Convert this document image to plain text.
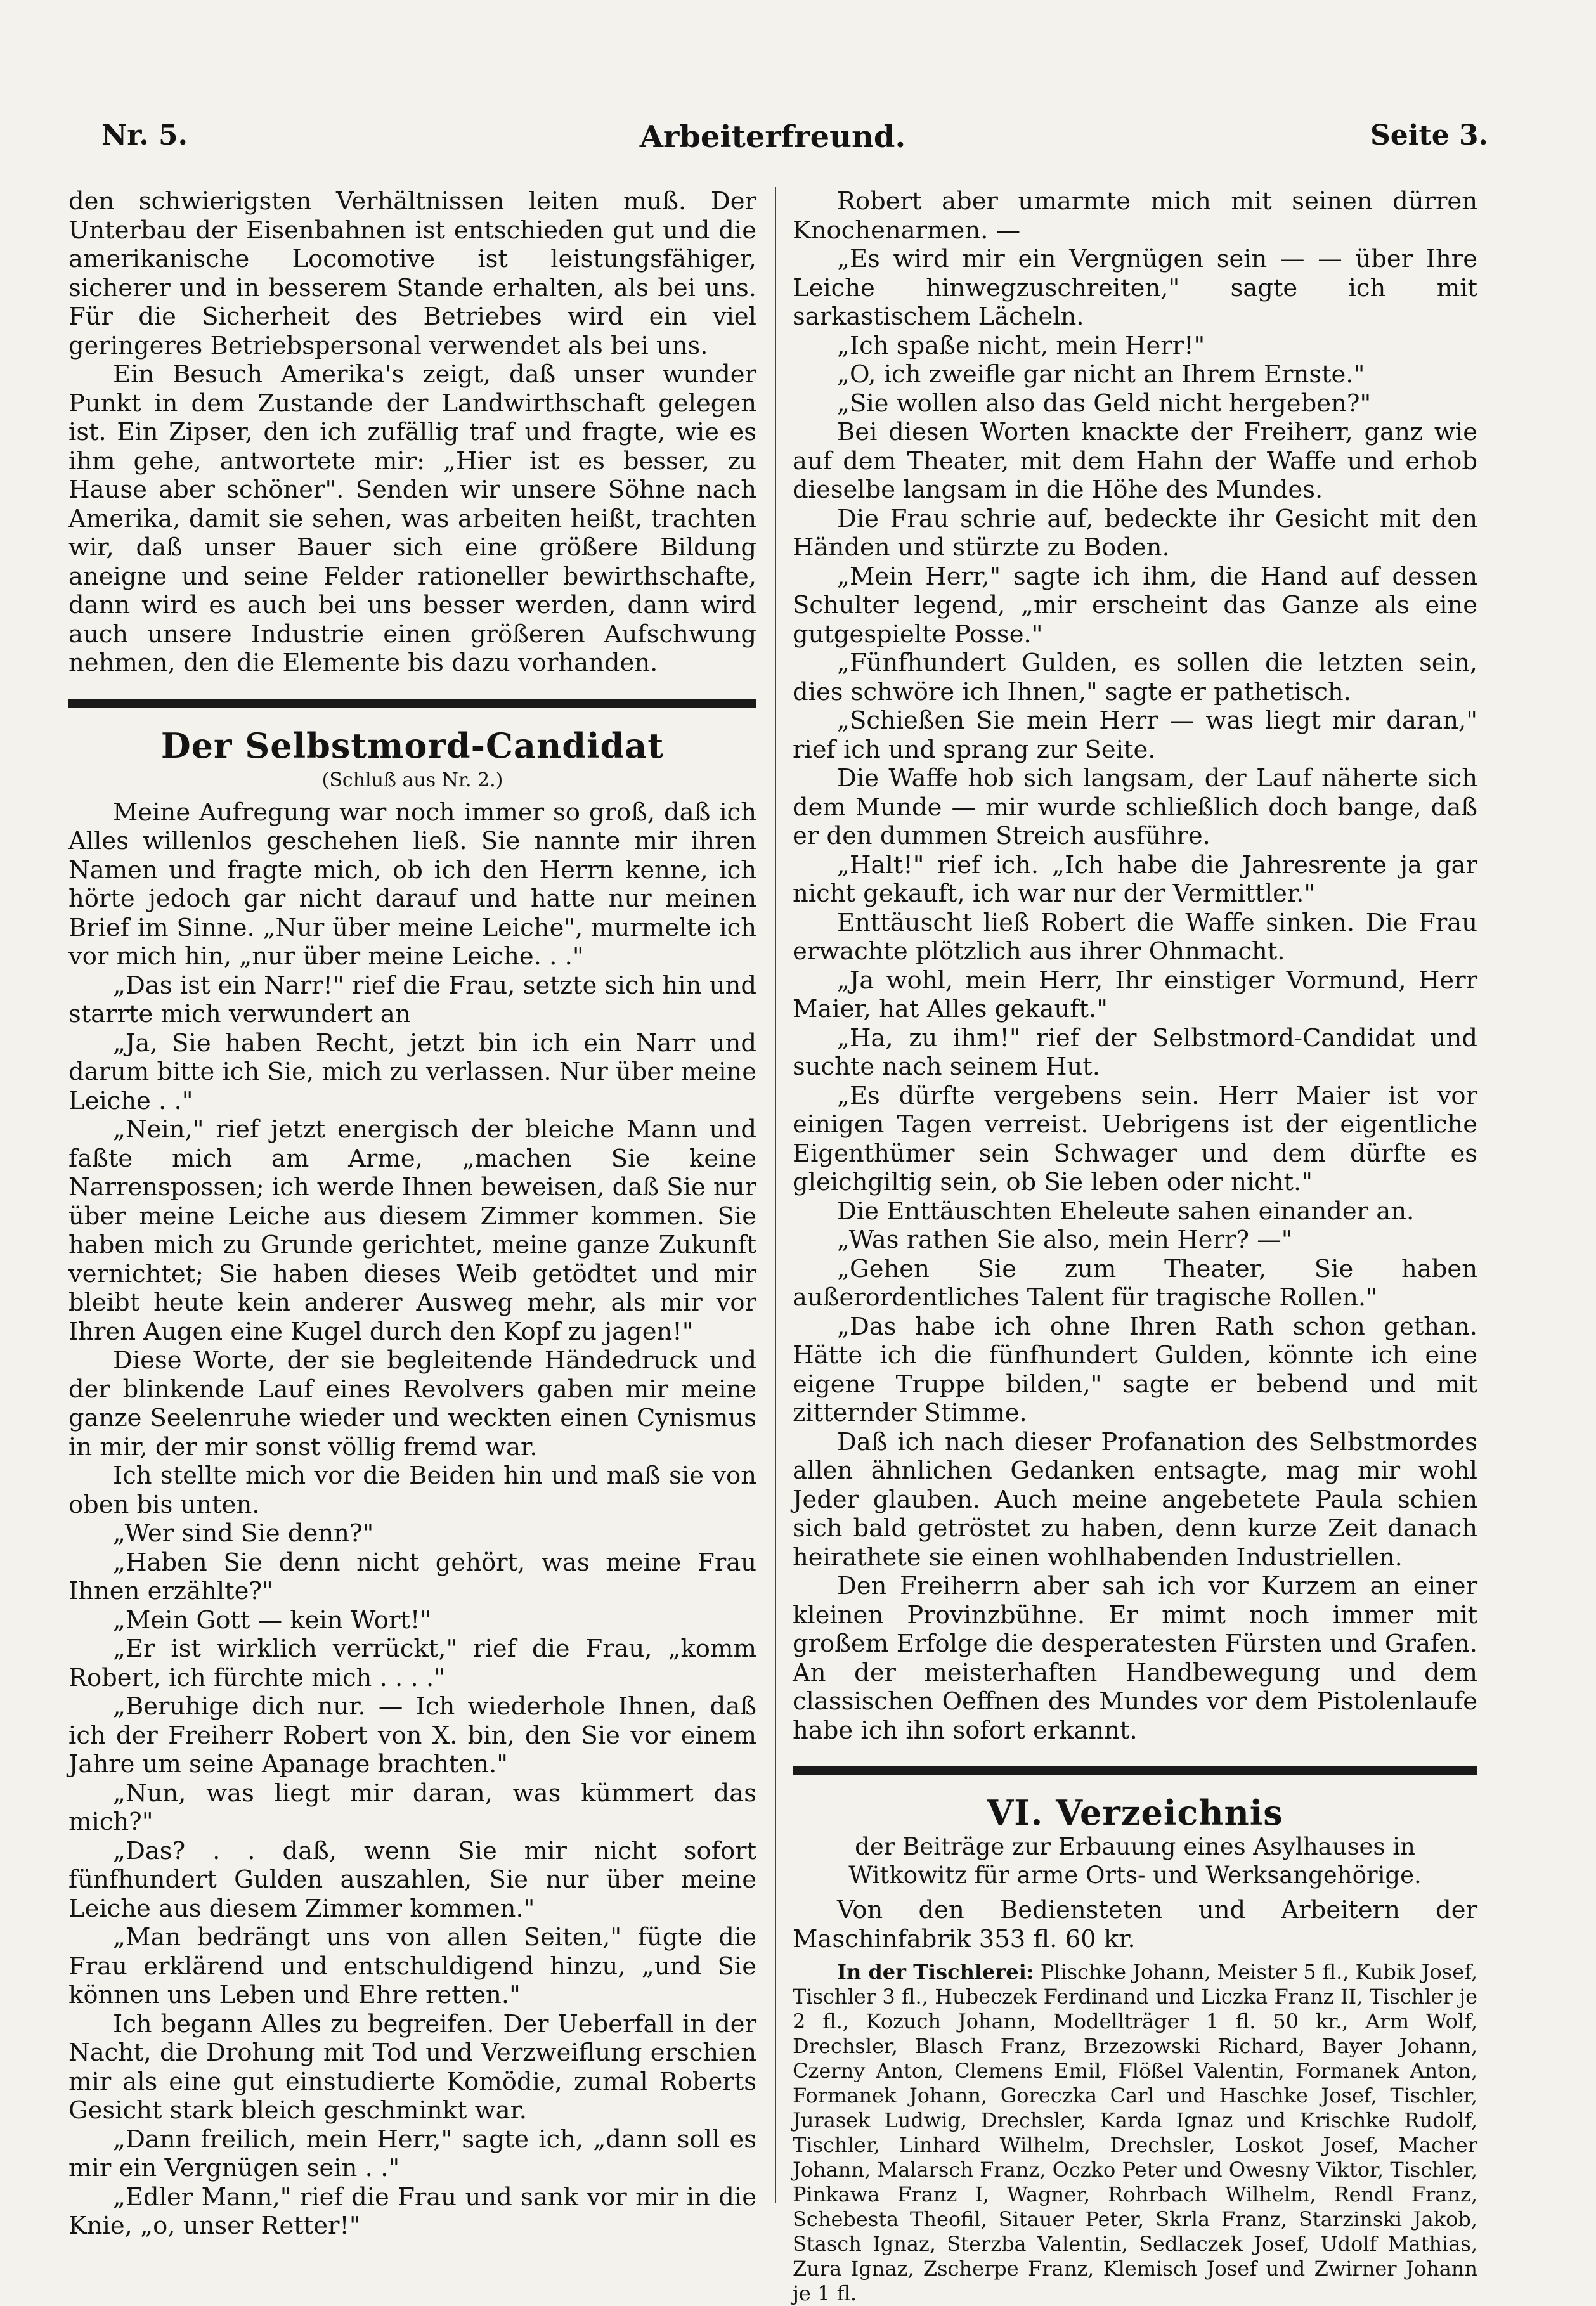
Nr. 5.	Arbeiterfreund.	Seite 3.

den schwierigsten Verhältnissen leiten muß. Der Unterbau der Eisenbahnen ist entschieden gut und die amerikanische Locomotive ist leistungsfähiger, sicherer und in besserem Stande erhalten, als bei uns. Für die Sicherheit des Betriebes wird ein viel geringeres Betriebspersonal verwendet als bei uns.

Ein Besuch Amerika's zeigt, daß unser wunder Punkt in dem Zustande der Landwirthschaft gelegen ist. Ein Zipser, den ich zufällig traf und fragte, wie es ihm gehe, antwortete mir: „Hier ist es besser, zu Hause aber schöner". Senden wir unsere Söhne nach Amerika, damit sie sehen, was arbeiten heißt, trachten wir, daß unser Bauer sich eine größere Bildung aneigne und seine Felder rationeller bewirthschafte, dann wird es auch bei uns besser werden, dann wird auch unsere Industrie einen größeren Aufschwung nehmen, den die Elemente bis dazu vorhanden.

Der Selbstmord-Candidat

(Schluß aus Nr. 2.)

Meine Aufregung war noch immer so groß, daß ich Alles willenlos geschehen ließ. Sie nannte mir ihren Namen und fragte mich, ob ich den Herrn kenne, ich hörte jedoch gar nicht darauf und hatte nur meinen Brief im Sinne. „Nur über meine Leiche", murmelte ich vor mich hin, „nur über meine Leiche. . ."

„Das ist ein Narr!" rief die Frau, setzte sich hin und starrte mich verwundert an

„Ja, Sie haben Recht, jetzt bin ich ein Narr und darum bitte ich Sie, mich zu verlassen. Nur über meine Leiche . ."

„Nein," rief jetzt energisch der bleiche Mann und faßte mich am Arme, „machen Sie keine Narrenspossen; ich werde Ihnen beweisen, daß Sie nur über meine Leiche aus diesem Zimmer kommen. Sie haben mich zu Grunde gerichtet, meine ganze Zukunft vernichtet; Sie haben dieses Weib getödtet und mir bleibt heute kein anderer Ausweg mehr, als mir vor Ihren Augen eine Kugel durch den Kopf zu jagen!"

Diese Worte, der sie begleitende Händedruck und der blinkende Lauf eines Revolvers gaben mir meine ganze Seelenruhe wieder und weckten einen Cynismus in mir, der mir sonst völlig fremd war.

Ich stellte mich vor die Beiden hin und maß sie von oben bis unten.

„Wer sind Sie denn?"

„Haben Sie denn nicht gehört, was meine Frau Ihnen erzählte?"

„Mein Gott — kein Wort!"

„Er ist wirklich verrückt," rief die Frau, „komm Robert, ich fürchte mich . . . ."

„Beruhige dich nur. — Ich wiederhole Ihnen, daß ich der Freiherr Robert von X. bin, den Sie vor einem Jahre um seine Apanage brachten."

„Nun, was liegt mir daran, was kümmert das mich?"

„Das? . . daß, wenn Sie mir nicht sofort fünfhundert Gulden auszahlen, Sie nur über meine Leiche aus diesem Zimmer kommen."

„Man bedrängt uns von allen Seiten," fügte die Frau erklärend und entschuldigend hinzu, „und Sie können uns Leben und Ehre retten."

Ich begann Alles zu begreifen. Der Ueberfall in der Nacht, die Drohung mit Tod und Verzweiflung erschien mir als eine gut einstudierte Komödie, zumal Roberts Gesicht stark bleich geschminkt war.

„Dann freilich, mein Herr," sagte ich, „dann soll es mir ein Vergnügen sein . ."

„Edler Mann," rief die Frau und sank vor mir in die Knie, „o, unser Retter!"

Robert aber umarmte mich mit seinen dürren Knochenarmen. —

„Es wird mir ein Vergnügen sein — — über Ihre Leiche hinwegzuschreiten," sagte ich mit sarkastischem Lächeln.

„Ich spaße nicht, mein Herr!"

„O, ich zweifle gar nicht an Ihrem Ernste."

„Sie wollen also das Geld nicht hergeben?"

Bei diesen Worten knackte der Freiherr, ganz wie auf dem Theater, mit dem Hahn der Waffe und erhob dieselbe langsam in die Höhe des Mundes.

Die Frau schrie auf, bedeckte ihr Gesicht mit den Händen und stürzte zu Boden.

„Mein Herr," sagte ich ihm, die Hand auf dessen Schulter legend, „mir erscheint das Ganze als eine gutgespielte Posse."

„Fünfhundert Gulden, es sollen die letzten sein, dies schwöre ich Ihnen," sagte er pathetisch.

„Schießen Sie mein Herr — was liegt mir daran," rief ich und sprang zur Seite.

Die Waffe hob sich langsam, der Lauf näherte sich dem Munde — mir wurde schließlich doch bange, daß er den dummen Streich ausführe.

„Halt!" rief ich. „Ich habe die Jahresrente ja gar nicht gekauft, ich war nur der Vermittler."

Enttäuscht ließ Robert die Waffe sinken. Die Frau erwachte plötzlich aus ihrer Ohnmacht.

„Ja wohl, mein Herr, Ihr einstiger Vormund, Herr Maier, hat Alles gekauft."

„Ha, zu ihm!" rief der Selbstmord-Candidat und suchte nach seinem Hut.

„Es dürfte vergebens sein. Herr Maier ist vor einigen Tagen verreist. Uebrigens ist der eigentliche Eigenthümer sein Schwager und dem dürfte es gleichgiltig sein, ob Sie leben oder nicht."

Die Enttäuschten Eheleute sahen einander an.

„Was rathen Sie also, mein Herr? —"

„Gehen Sie zum Theater, Sie haben außerordentliches Talent für tragische Rollen."

„Das habe ich ohne Ihren Rath schon gethan. Hätte ich die fünfhundert Gulden, könnte ich eine eigene Truppe bilden," sagte er bebend und mit zitternder Stimme.

Daß ich nach dieser Profanation des Selbstmordes allen ähnlichen Gedanken entsagte, mag mir wohl Jeder glauben. Auch meine angebetete Paula schien sich bald getröstet zu haben, denn kurze Zeit danach heirathete sie einen wohlhabenden Industriellen.

Den Freiherrn aber sah ich vor Kurzem an einer kleinen Provinzbühne. Er mimt noch immer mit großem Erfolge die desperatesten Fürsten und Grafen. An der meisterhaften Handbewegung und dem classischen Oeffnen des Mundes vor dem Pistolenlaufe habe ich ihn sofort erkannt.

VI. Verzeichnis

der Beiträge zur Erbauung eines Asylhauses in Witkowitz für arme Orts- und Werksangehörige.

Von den Bediensteten und Arbeitern der Maschinfabrik 353 fl. 60 kr.

In der Tischlerei: Plischke Johann, Meister 5 fl., Kubik Josef, Tischler 3 fl., Hubeczek Ferdinand und Liczka Franz II, Tischler je 2 fl., Kozuch Johann, Modellträger 1 fl. 50 kr., Arm Wolf, Drechsler, Blasch Franz, Brzezowski Richard, Bayer Johann, Czerny Anton, Clemens Emil, Flößel Valentin, Formanek Anton, Formanek Johann, Goreczka Carl und Haschke Josef, Tischler, Jurasek Ludwig, Drechsler, Karda Ignaz und Krischke Rudolf, Tischler, Linhard Wilhelm, Drechsler, Loskot Josef, Macher Johann, Malarsch Franz, Oczko Peter und Owesny Viktor, Tischler, Pinkawa Franz I, Wagner, Rohrbach Wilhelm, Rendl Franz, Schebesta Theofil, Sitauer Peter, Skrla Franz, Starzinski Jakob, Stasch Ignaz, Sterzba Valentin, Sedlaczek Josef, Udolf Mathias, Zura Ignaz, Zscherpe Franz, Klemisch Josef und Zwirner Johann je 1 fl.
